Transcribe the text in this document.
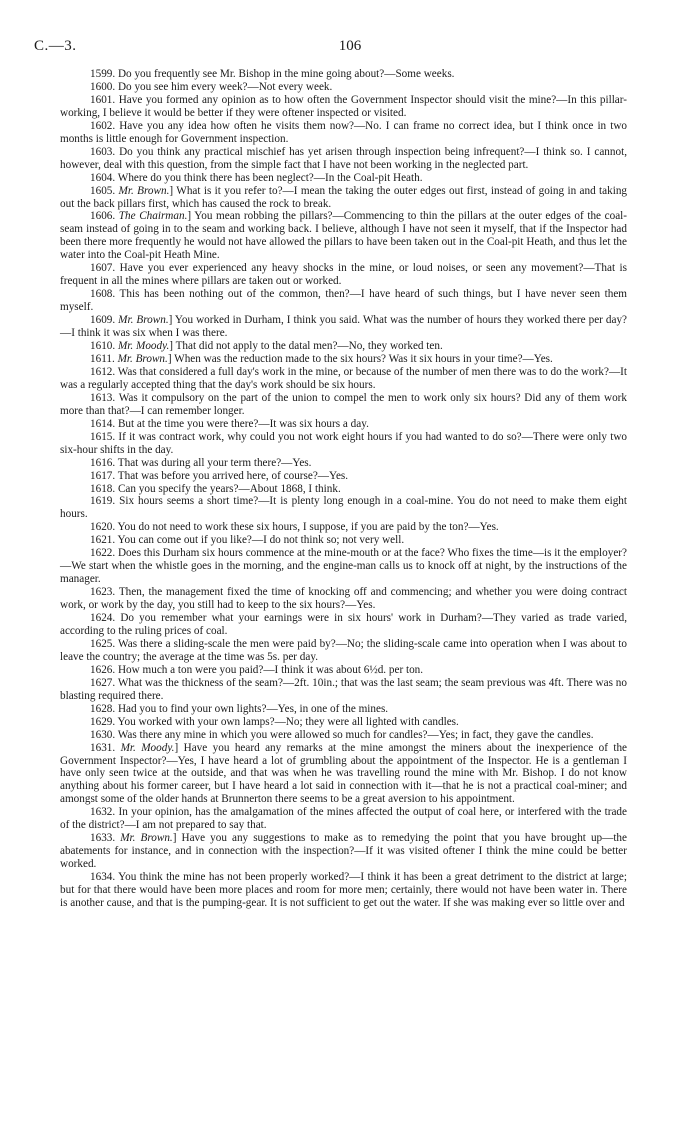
C.—3.	106

1599. Do you frequently see Mr. Bishop in the mine going about?—Some weeks.

1600. Do you see him every week?—Not every week.

1601. Have you formed any opinion as to how often the Government Inspector should visit the mine?—In this pillar-working, I believe it would be better if they were oftener inspected or visited.

1602. Have you any idea how often he visits them now?—No. I can frame no correct idea, but I think once in two months is little enough for Government inspection.

1603. Do you think any practical mischief has yet arisen through inspection being infrequent?—I think so. I cannot, however, deal with this question, from the simple fact that I have not been working in the neglected part.

1604. Where do you think there has been neglect?—In the Coal-pit Heath.

1605. Mr. Brown.] What is it you refer to?—I mean the taking the outer edges out first, instead of going in and taking out the back pillars first, which has caused the rock to break.

1606. The Chairman.] You mean robbing the pillars?—Commencing to thin the pillars at the outer edges of the coal-seam instead of going in to the seam and working back. I believe, although I have not seen it myself, that if the Inspector had been there more frequently he would not have allowed the pillars to have been taken out in the Coal-pit Heath, and thus let the water into the Coal-pit Heath Mine.

1607. Have you ever experienced any heavy shocks in the mine, or loud noises, or seen any movement?—That is frequent in all the mines where pillars are taken out or worked.

1608. This has been nothing out of the common, then?—I have heard of such things, but I have never seen them myself.

1609. Mr. Brown.] You worked in Durham, I think you said. What was the number of hours they worked there per day?—I think it was six when I was there.

1610. Mr. Moody.] That did not apply to the datal men?—No, they worked ten.

1611. Mr. Brown.] When was the reduction made to the six hours? Was it six hours in your time?—Yes.

1612. Was that considered a full day's work in the mine, or because of the number of men there was to do the work?—It was a regularly accepted thing that the day's work should be six hours.

1613. Was it compulsory on the part of the union to compel the men to work only six hours? Did any of them work more than that?—I can remember longer.

1614. But at the time you were there?—It was six hours a day.

1615. If it was contract work, why could you not work eight hours if you had wanted to do so?—There were only two six-hour shifts in the day.

1616. That was during all your term there?—Yes.

1617. That was before you arrived here, of course?—Yes.

1618. Can you specify the years?—About 1868, I think.

1619. Six hours seems a short time?—It is plenty long enough in a coal-mine. You do not need to make them eight hours.

1620. You do not need to work these six hours, I suppose, if you are paid by the ton?—Yes.

1621. You can come out if you like?—I do not think so; not very well.

1622. Does this Durham six hours commence at the mine-mouth or at the face? Who fixes the time—is it the employer?—We start when the whistle goes in the morning, and the engine-man calls us to knock off at night, by the instructions of the manager.

1623. Then, the management fixed the time of knocking off and commencing; and whether you were doing contract work, or work by the day, you still had to keep to the six hours?—Yes.

1624. Do you remember what your earnings were in six hours' work in Durham?—They varied as trade varied, according to the ruling prices of coal.

1625. Was there a sliding-scale the men were paid by?—No; the sliding-scale came into operation when I was about to leave the country; the average at the time was 5s. per day.

1626. How much a ton were you paid?—I think it was about 6½d. per ton.

1627. What was the thickness of the seam?—2ft. 10in.; that was the last seam; the seam previous was 4ft. There was no blasting required there.

1628. Had you to find your own lights?—Yes, in one of the mines.

1629. You worked with your own lamps?—No; they were all lighted with candles.

1630. Was there any mine in which you were allowed so much for candles?—Yes; in fact, they gave the candles.

1631. Mr. Moody.] Have you heard any remarks at the mine amongst the miners about the inexperience of the Government Inspector?—Yes, I have heard a lot of grumbling about the appointment of the Inspector. He is a gentleman I have only seen twice at the outside, and that was when he was travelling round the mine with Mr. Bishop. I do not know anything about his former career, but I have heard a lot said in connection with it—that he is not a practical coal-miner; and amongst some of the older hands at Brunnerton there seems to be a great aversion to his appointment.

1632. In your opinion, has the amalgamation of the mines affected the output of coal here, or interfered with the trade of the district?—I am not prepared to say that.

1633. Mr. Brown.] Have you any suggestions to make as to remedying the point that you have brought up—the abatements for instance, and in connection with the inspection?—If it was visited oftener I think the mine could be better worked.

1634. You think the mine has not been properly worked?—I think it has been a great detriment to the district at large; but for that there would have been more places and room for more men; certainly, there would not have been water in. There is another cause, and that is the pumping-gear. It is not sufficient to get out the water. If she was making ever so little over and
